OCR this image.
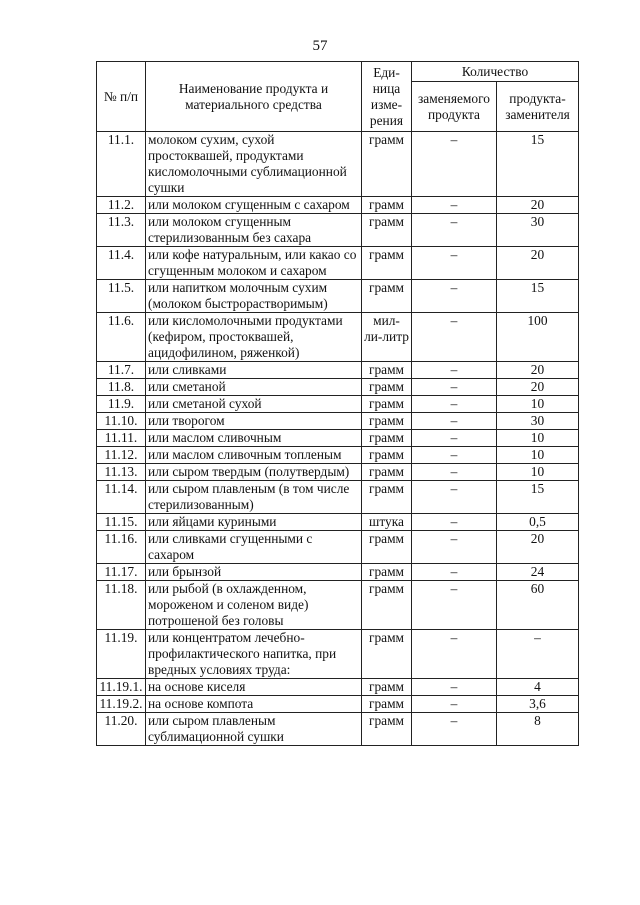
57
№ п/п	Наименование продукта и материального средства	Еди-ница изме-рения	Количество	
			заменяемого продукта	продукта-заменителя
11.1.	молоком сухим, сухой простоквашей, продуктами кисломолочными сублимационной сушки	грамм	–	15
11.2.	или молоком сгущенным с сахаром	грамм	–	20
11.3.	или молоком сгущенным стерилизованным без сахара	грамм	–	30
11.4.	или кофе натуральным, или какао со сгущенным молоком и сахаром	грамм	–	20
11.5.	или напитком молочным сухим (молоком быстрорастворимым)	грамм	–	15
11.6.	или кисломолочными продуктами (кефиром, простоквашей, ацидофилином, ряженкой)	мил-ли-литр	–	100
11.7.	или сливками	грамм	–	20
11.8.	или сметаной	грамм	–	20
11.9.	или сметаной сухой	грамм	–	10
11.10.	или творогом	грамм	–	30
11.11.	или маслом сливочным	грамм	–	10
11.12.	или маслом сливочным топленым	грамм	–	10
11.13.	или сыром твердым (полутвердым)	грамм	–	10
11.14.	или сыром плавленым (в том числе стерилизованным)	грамм	–	15
11.15.	или яйцами куриными	штука	–	0,5
11.16.	или сливками сгущенными с сахаром	грамм	–	20
11.17.	или брынзой	грамм	–	24
11.18.	или рыбой (в охлажденном, мороженом и соленом виде) потрошеной без головы	грамм	–	60
11.19.	или концентратом лечебно-профилактического напитка, при вредных условиях труда:	грамм	–	–
11.19.1.	на основе киселя	грамм	–	4
11.19.2.	на основе компота	грамм	–	3,6
11.20.	или сыром плавленым сублимационной сушки	грамм	–	8
